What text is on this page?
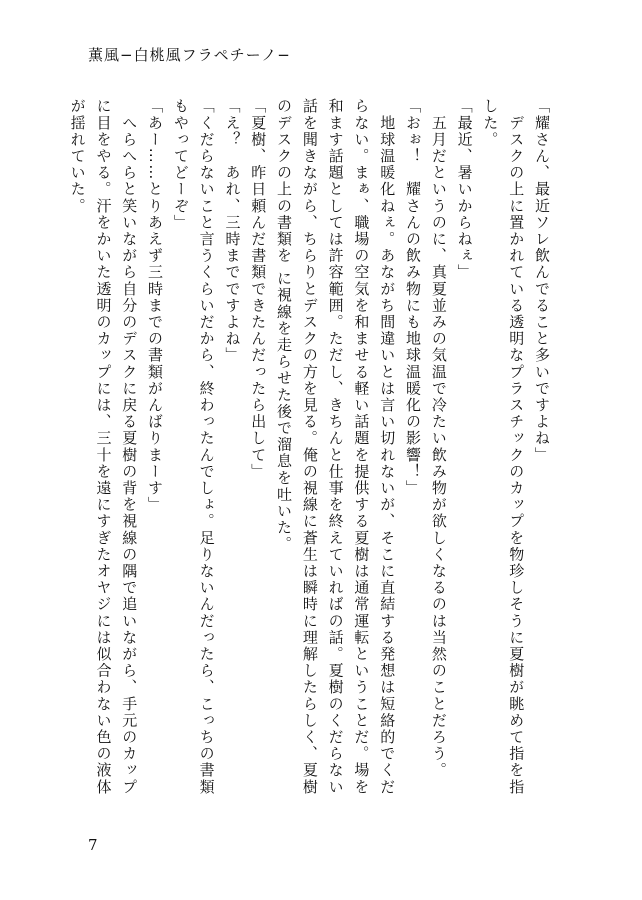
薫風−白桃風フラペチーノ−

「耀さん、最近ソレ飲んでること多いですよね」

　デスクの上に置かれている透明なプラスチックのカップを物珍しそうに夏樹が眺めて指を指した。

「最近、暑いからねぇ」

　五月だというのに、真夏並みの気温で冷たい飲み物が欲しくなるのは当然のことだろう。

「おぉ！　耀さんの飲み物にも地球温暖化の影響！」

　地球温暖化ねぇ。あながち間違いとは言い切れないが、そこに直結する発想は短絡的でくだらない。まぁ、職場の空気を和ませる軽い話題を提供する夏樹は通常運転ということだ。場を和ます話題としては許容範囲。ただし、きちんと仕事を終えていればの話。夏樹のくだらない話を聞きながら、ちらりとデスクの方を見る。俺の視線に蒼生は瞬時に理解したらしく、夏樹のデスクの上の書類を に視線を走らせた後で溜息を吐いた。

「夏樹、昨日頼んだ書類できたんだったら出して」

「え？　あれ、三時までですよね」

「くだらないこと言うくらいだから、終わったんでしょ。足りないんだったら、こっちの書類もやってどーぞ」

「あー……とりあえず三時までの書類がんばりまーす」

　へらへらと笑いながら自分のデスクに戻る夏樹の背を視線の隅で追いながら、手元のカップに目をやる。汗をかいた透明のカップには、三十を遠にすぎたオヤジには似合わない色の液体が揺れていた。

7
